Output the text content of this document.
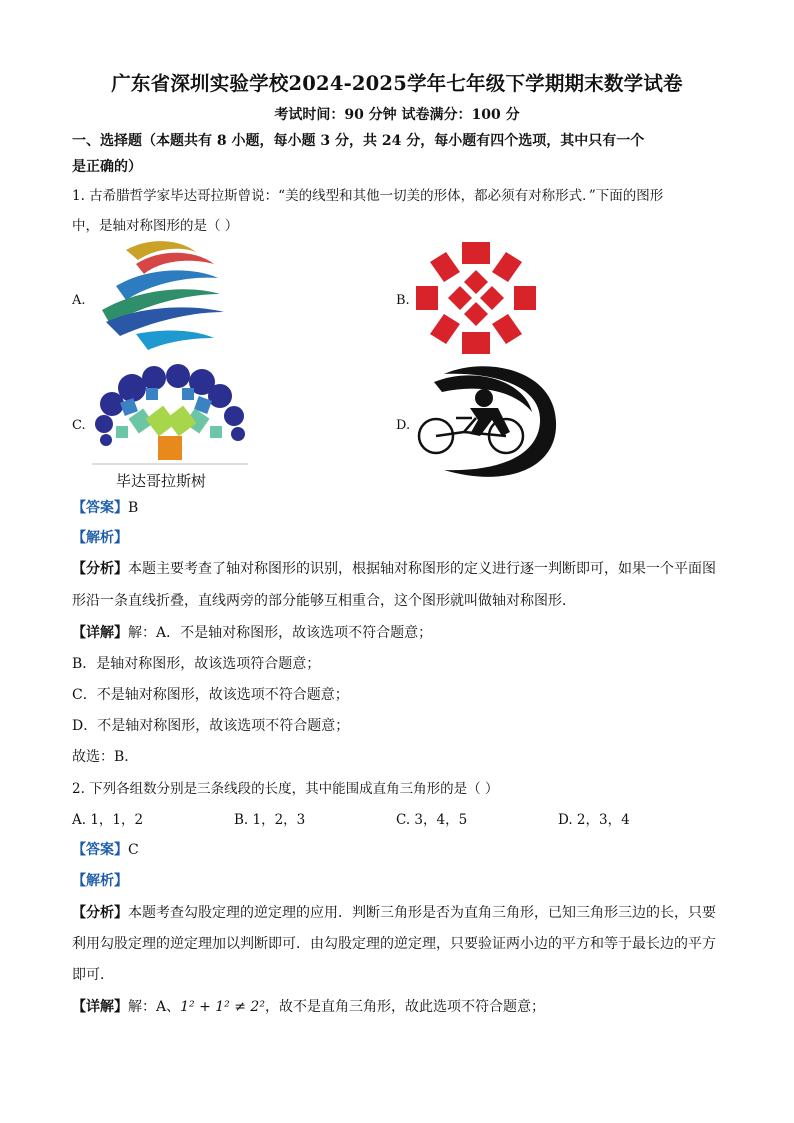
广东省深圳实验学校2024-2025学年七年级下学期期末数学试卷
考试时间：90 分钟 试卷满分：100 分
一、选择题（本题共有 8 小题，每小题 3 分，共 24 分，每小题有四个选项，其中只有一个
是正确的）
1. 古希腊哲学家毕达哥拉斯曾说：“美的线型和其他一切美的形体，都必须有对称形式．”下面的图形
中，是轴对称图形的是（ ）
A.	B.
C.
毕达哥拉斯树
D.
【答案】B
【解析】
【分析】本题主要考查了轴对称图形的识别，根据轴对称图形的定义进行逐一判断即可，如果一个平面图
形沿一条直线折叠，直线两旁的部分能够互相重合，这个图形就叫做轴对称图形．
【详解】解：A．不是轴对称图形，故该选项不符合题意；
B．是轴对称图形，故该选项符合题意；
C．不是轴对称图形，故该选项不符合题意；
D．不是轴对称图形，故该选项不符合题意；
故选：B．
2. 下列各组数分别是三条线段的长度，其中能围成直角三角形的是（ ）
A. 1，1，2	B. 1，2，3	C. 3，4，5	D. 2，3，4
【答案】C
【解析】
【分析】本题考查勾股定理的逆定理的应用．判断三角形是否为直角三角形，已知三角形三边的长，只要
利用勾股定理的逆定理加以判断即可．由勾股定理的逆定理，只要验证两小边的平方和等于最长边的平方
即可．
【详解】解：A、1² + 1² ≠ 2²，故不是直角三角形，故此选项不符合题意；
